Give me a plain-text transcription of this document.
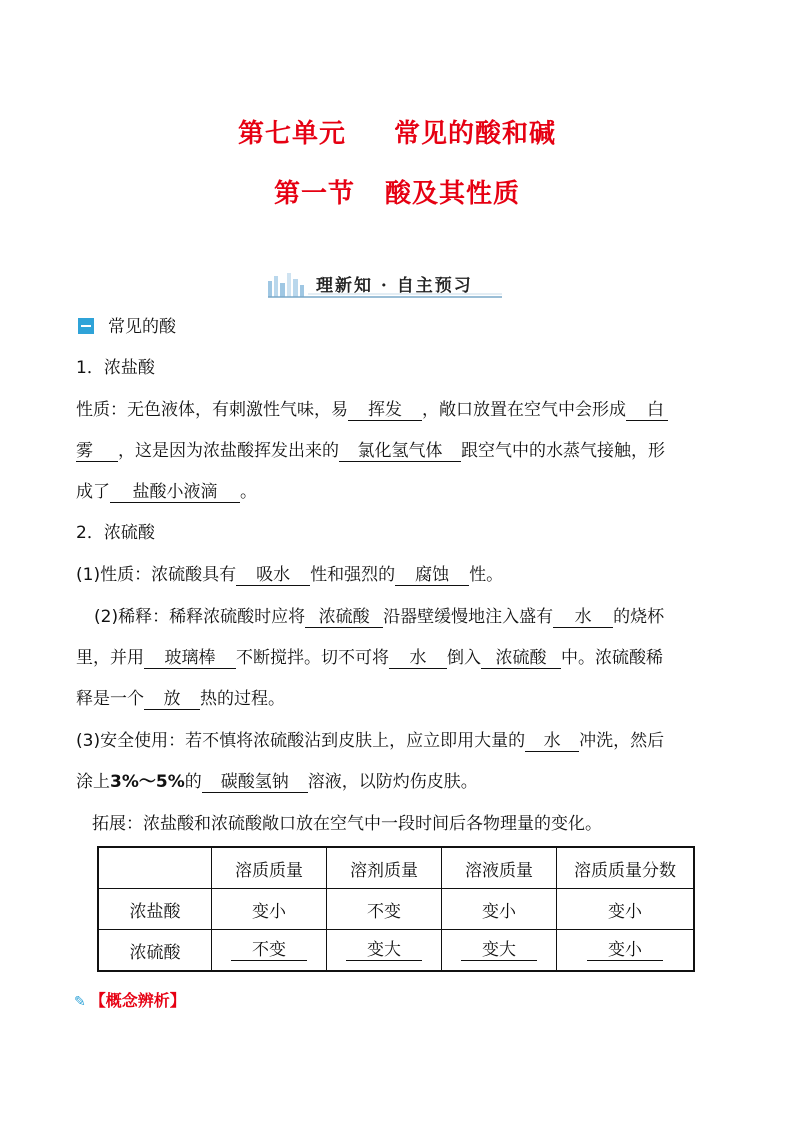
第七单元 常见的酸和碱
第一节 酸及其性质
理新知 · 自主预习
常见的酸
1．浓盐酸
性质：无色液体，有刺激性气味，易 挥发 ，敞口放置在空气中会形成 白
雾 ，这是因为浓盐酸挥发出来的 氯化氢气体 跟空气中的水蒸气接触，形
成了 盐酸小液滴 。
2．浓硫酸
(1)性质：浓硫酸具有 吸水 性和强烈的 腐蚀 性。
(2)稀释：稀释浓硫酸时应将 浓硫酸 沿器壁缓慢地注入盛有 水 的烧杯
里，并用 玻璃棒 不断搅拌。切不可将 水 倒入 浓硫酸 中。浓硫酸稀
释是一个 放 热的过程。
(3)安全使用：若不慎将浓硫酸沾到皮肤上，应立即用大量的 水 冲洗，然后
涂上3%～5%的 碳酸氢钠 溶液，以防灼伤皮肤。
拓展：浓盐酸和浓硫酸敞口放在空气中一段时间后各物理量的变化。
	溶质质量	溶剂质量	溶液质量	溶质质量分数
浓盐酸	变小	不变	变小	变小
浓硫酸	不变	变大	变大	变小
✎ 【概念辨析】
